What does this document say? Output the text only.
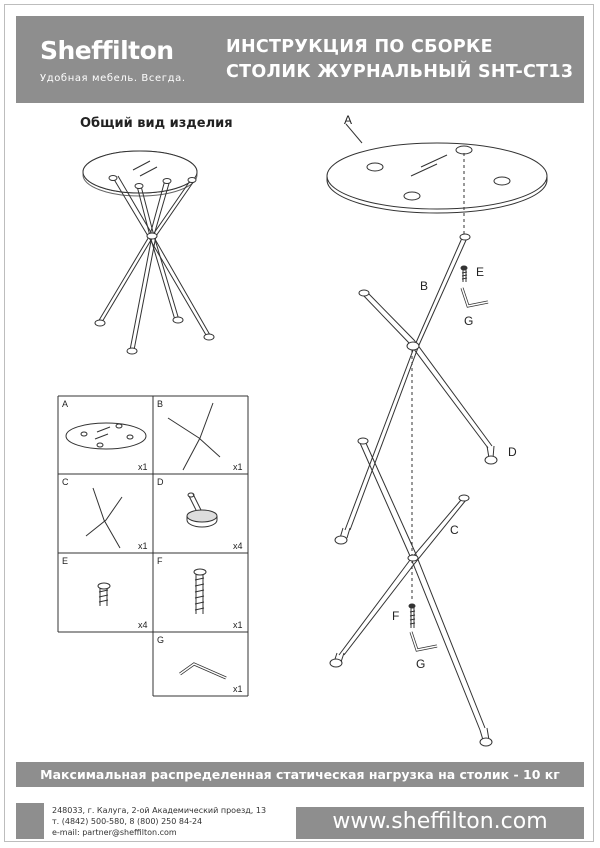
Sheffilton
Удобная мебель. Всегда.
ИНСТРУКЦИЯ ПО СБОРКЕ
СТОЛИК ЖУРНАЛЬНЫЙ SHT-CT13
Общий вид изделия	A
B
C
D
E
F
G
G
A
x1
B
x1
C
x1
D
x4
E
x4
F
x1
G
x1
Максимальная распределенная статическая нагрузка на столик - 10 кг
248033, г. Калуга, 2-ой Академический проезд, 13
т. (4842) 500-580, 8 (800) 250 84-24
e-mail: partner@sheffilton.com	www.sheffilton.com
